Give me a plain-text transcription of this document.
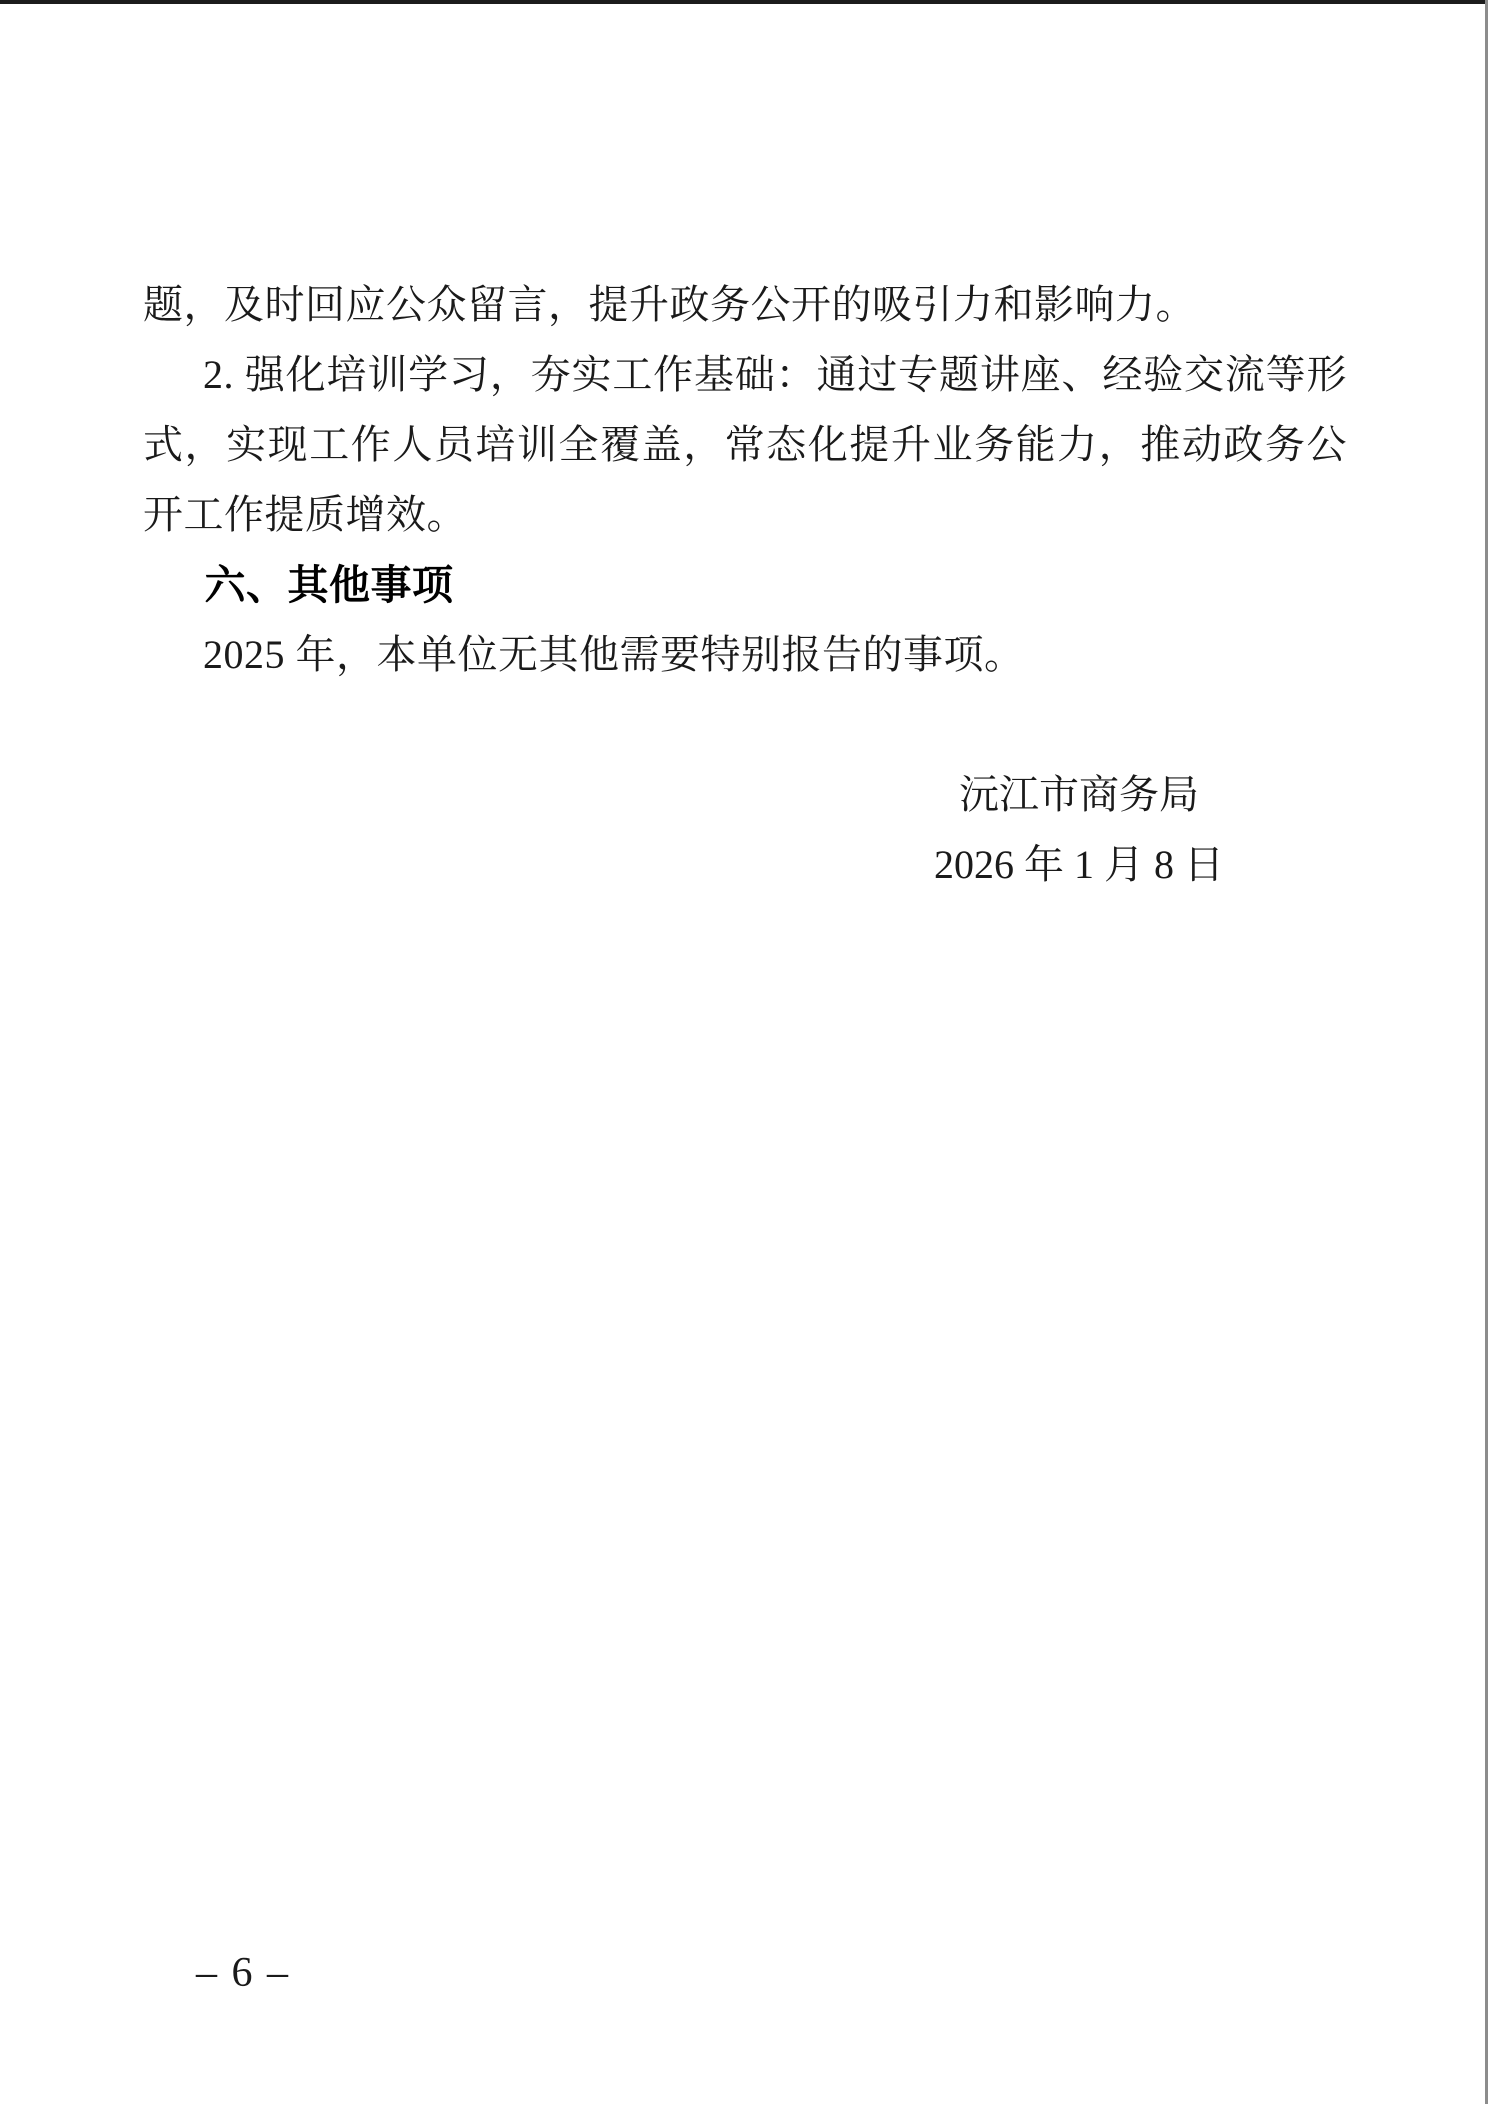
题，及时回应公众留言，提升政务公开的吸引力和影响力。

2. 强化培训学习，夯实工作基础：通过专题讲座、经验交流等形式，实现工作人员培训全覆盖，常态化提升业务能力，推动政务公开工作提质增效。

六、其他事项

2025 年，本单位无其他需要特别报告的事项。

沅江市商务局
2026 年 1 月 8 日
– 6 –
